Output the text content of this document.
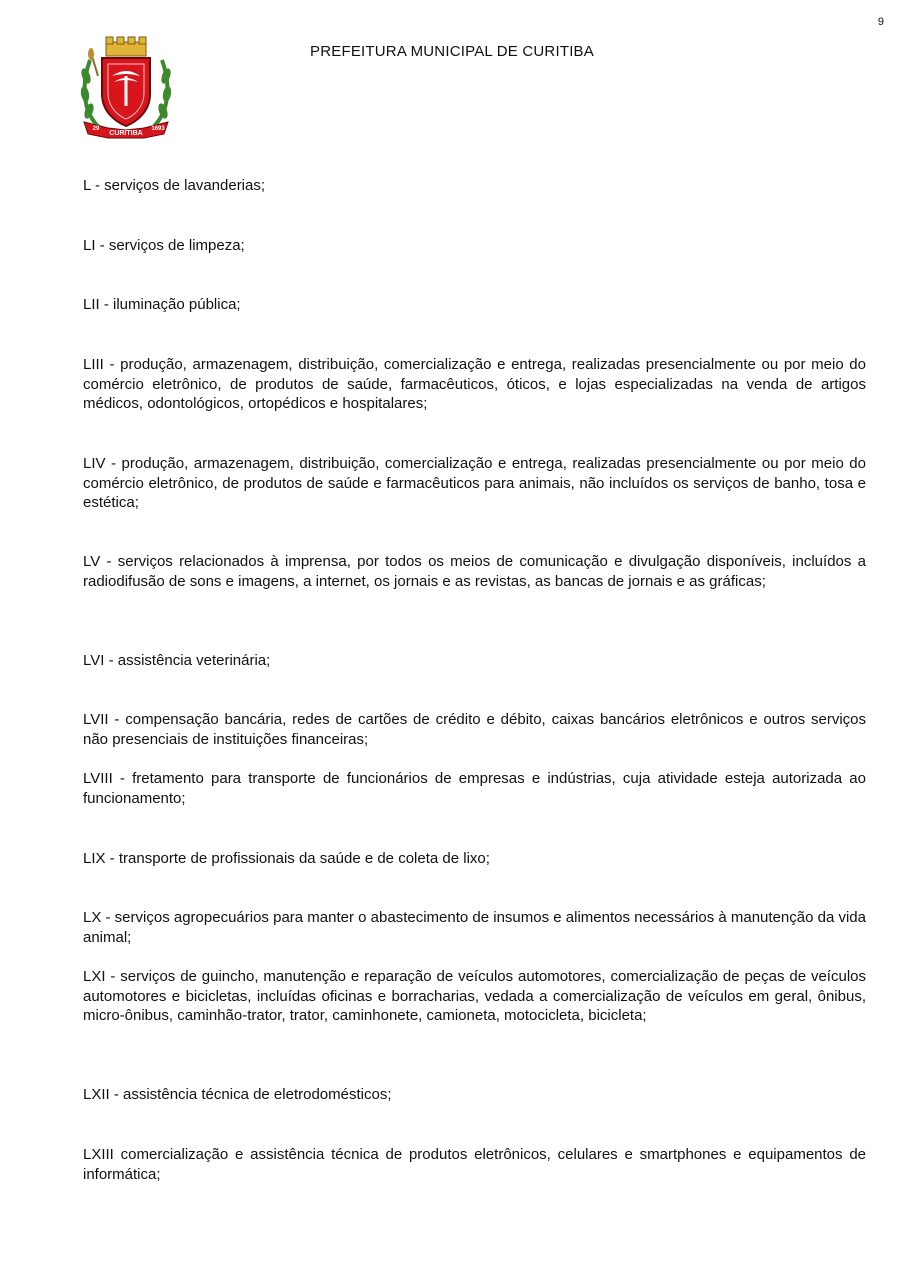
9
CURITIBA
29	1693
PREFEITURA MUNICIPAL DE CURITIBA

L - serviços de lavanderias;

LI - serviços de limpeza;

LII - iluminação pública;

LIII - produção, armazenagem, distribuição, comercialização e entrega, realizadas presencialmente ou por meio do comércio eletrônico, de produtos de saúde, farmacêuticos, óticos, e lojas especializadas na venda de artigos médicos, odontológicos, ortopédicos e hospitalares;

LIV - produção, armazenagem, distribuição, comercialização e entrega, realizadas presencialmente ou por meio do comércio eletrônico, de produtos de saúde e farmacêuticos para animais, não incluídos os serviços de banho, tosa e estética;

LV - serviços relacionados à imprensa, por todos os meios de comunicação e divulgação disponíveis, incluídos a radiodifusão de sons e imagens, a internet, os jornais e as revistas, as bancas de jornais e as gráficas;

LVI - assistência veterinária;

LVII - compensação bancária, redes de cartões de crédito e débito, caixas bancários eletrônicos e outros serviços não presenciais de instituições financeiras;

LVIII - fretamento para transporte de funcionários de empresas e indústrias, cuja atividade esteja autorizada ao funcionamento;

LIX - transporte de profissionais da saúde e de coleta de lixo;

LX - serviços agropecuários para manter o abastecimento de insumos e alimentos necessários à manutenção da vida animal;

LXI - serviços de guincho, manutenção e reparação de veículos automotores, comercialização de peças de veículos automotores e bicicletas, incluídas oficinas e borracharias, vedada a comercialização de veículos em geral, ônibus, micro-ônibus, caminhão-trator, trator, caminhonete, camioneta, motocicleta, bicicleta;

LXII - assistência técnica de eletrodomésticos;

LXIII comercialização e assistência técnica de produtos eletrônicos, celulares e smartphones e equipamentos de informática;
